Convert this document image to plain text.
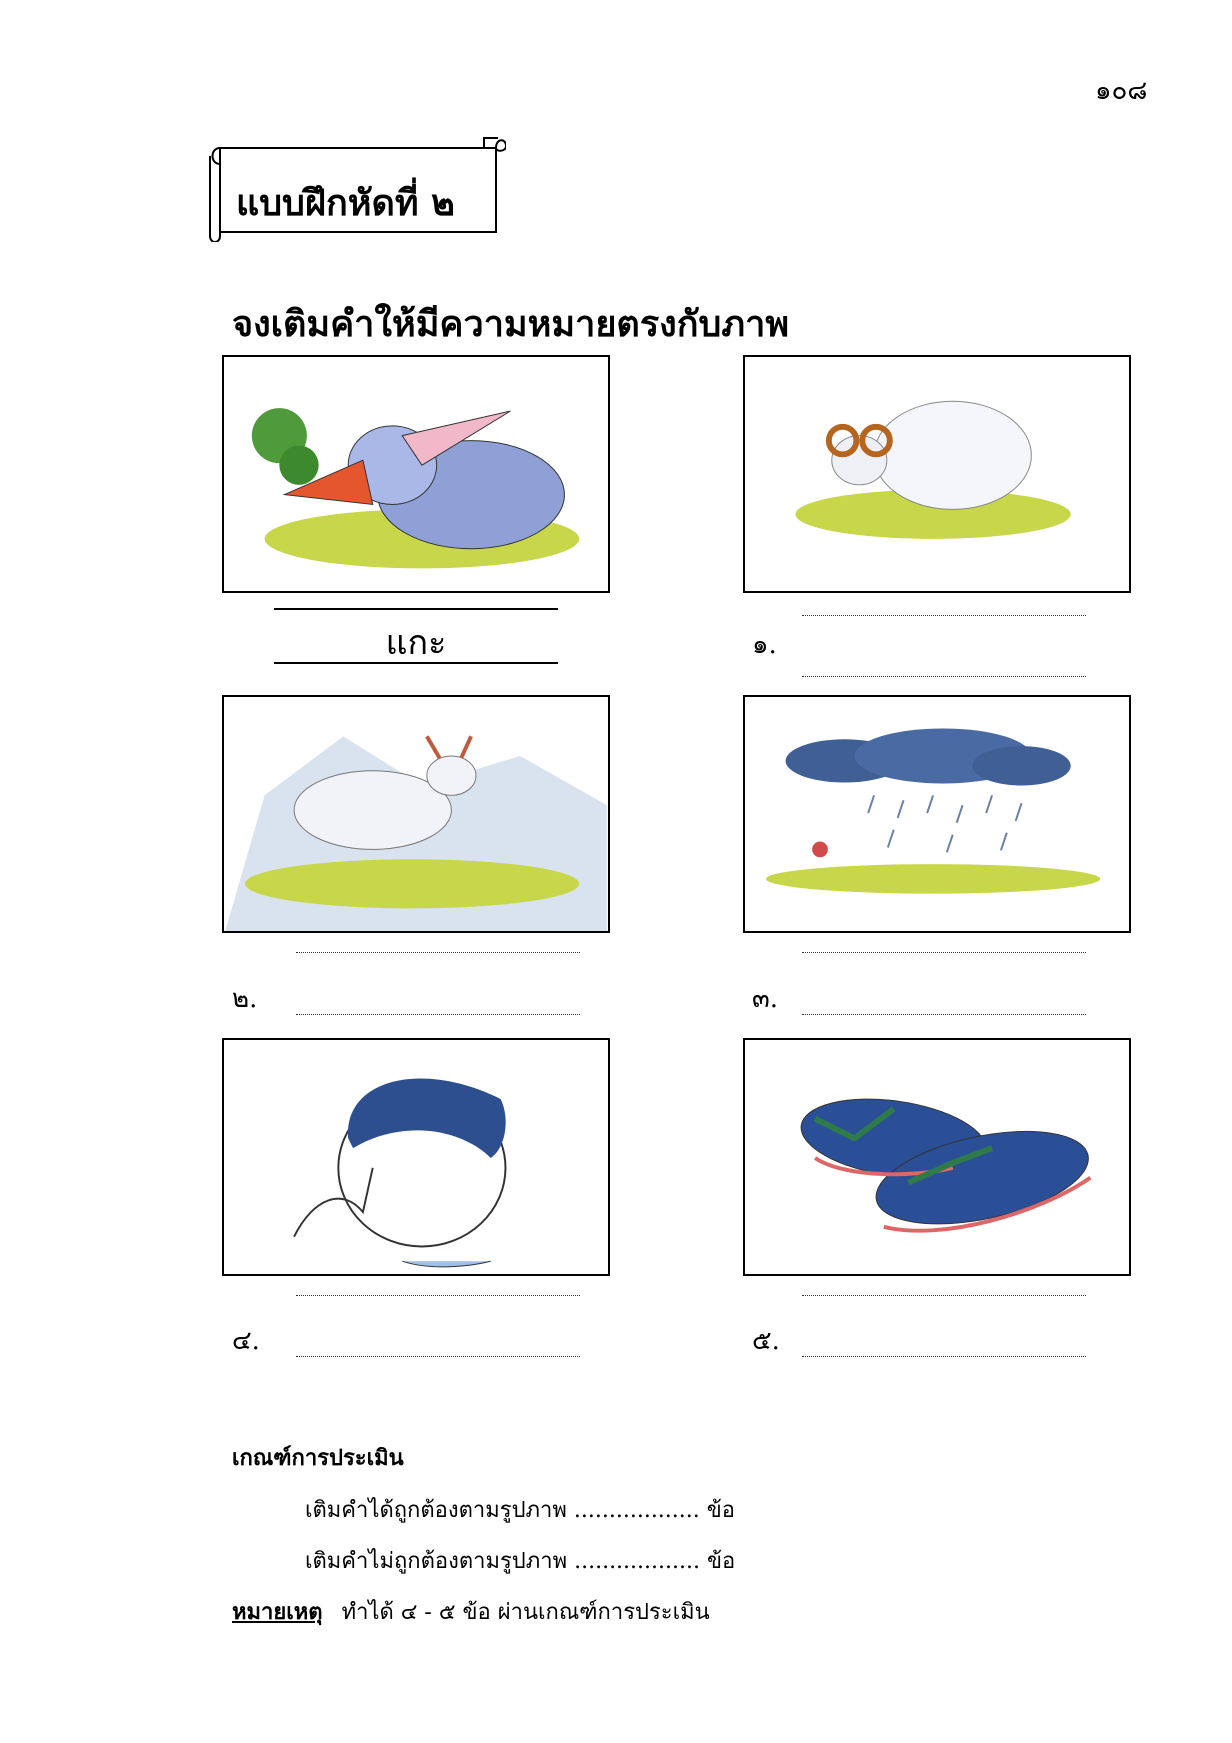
๑๐๘
แบบฝึกหัดที่ ๒
จงเติมคำให้มีความหมายตรงกับภาพ
แกะ	๑.
๒.	๓.
๔.	๕.
เกณฑ์การประเมิน
เติมคำได้ถูกต้องตามรูปภาพ .................. ข้อ
เติมคำไม่ถูกต้องตามรูปภาพ .................. ข้อ
หมายเหตุ ทำได้ ๔ - ๕ ข้อ ผ่านเกณฑ์การประเมิน
